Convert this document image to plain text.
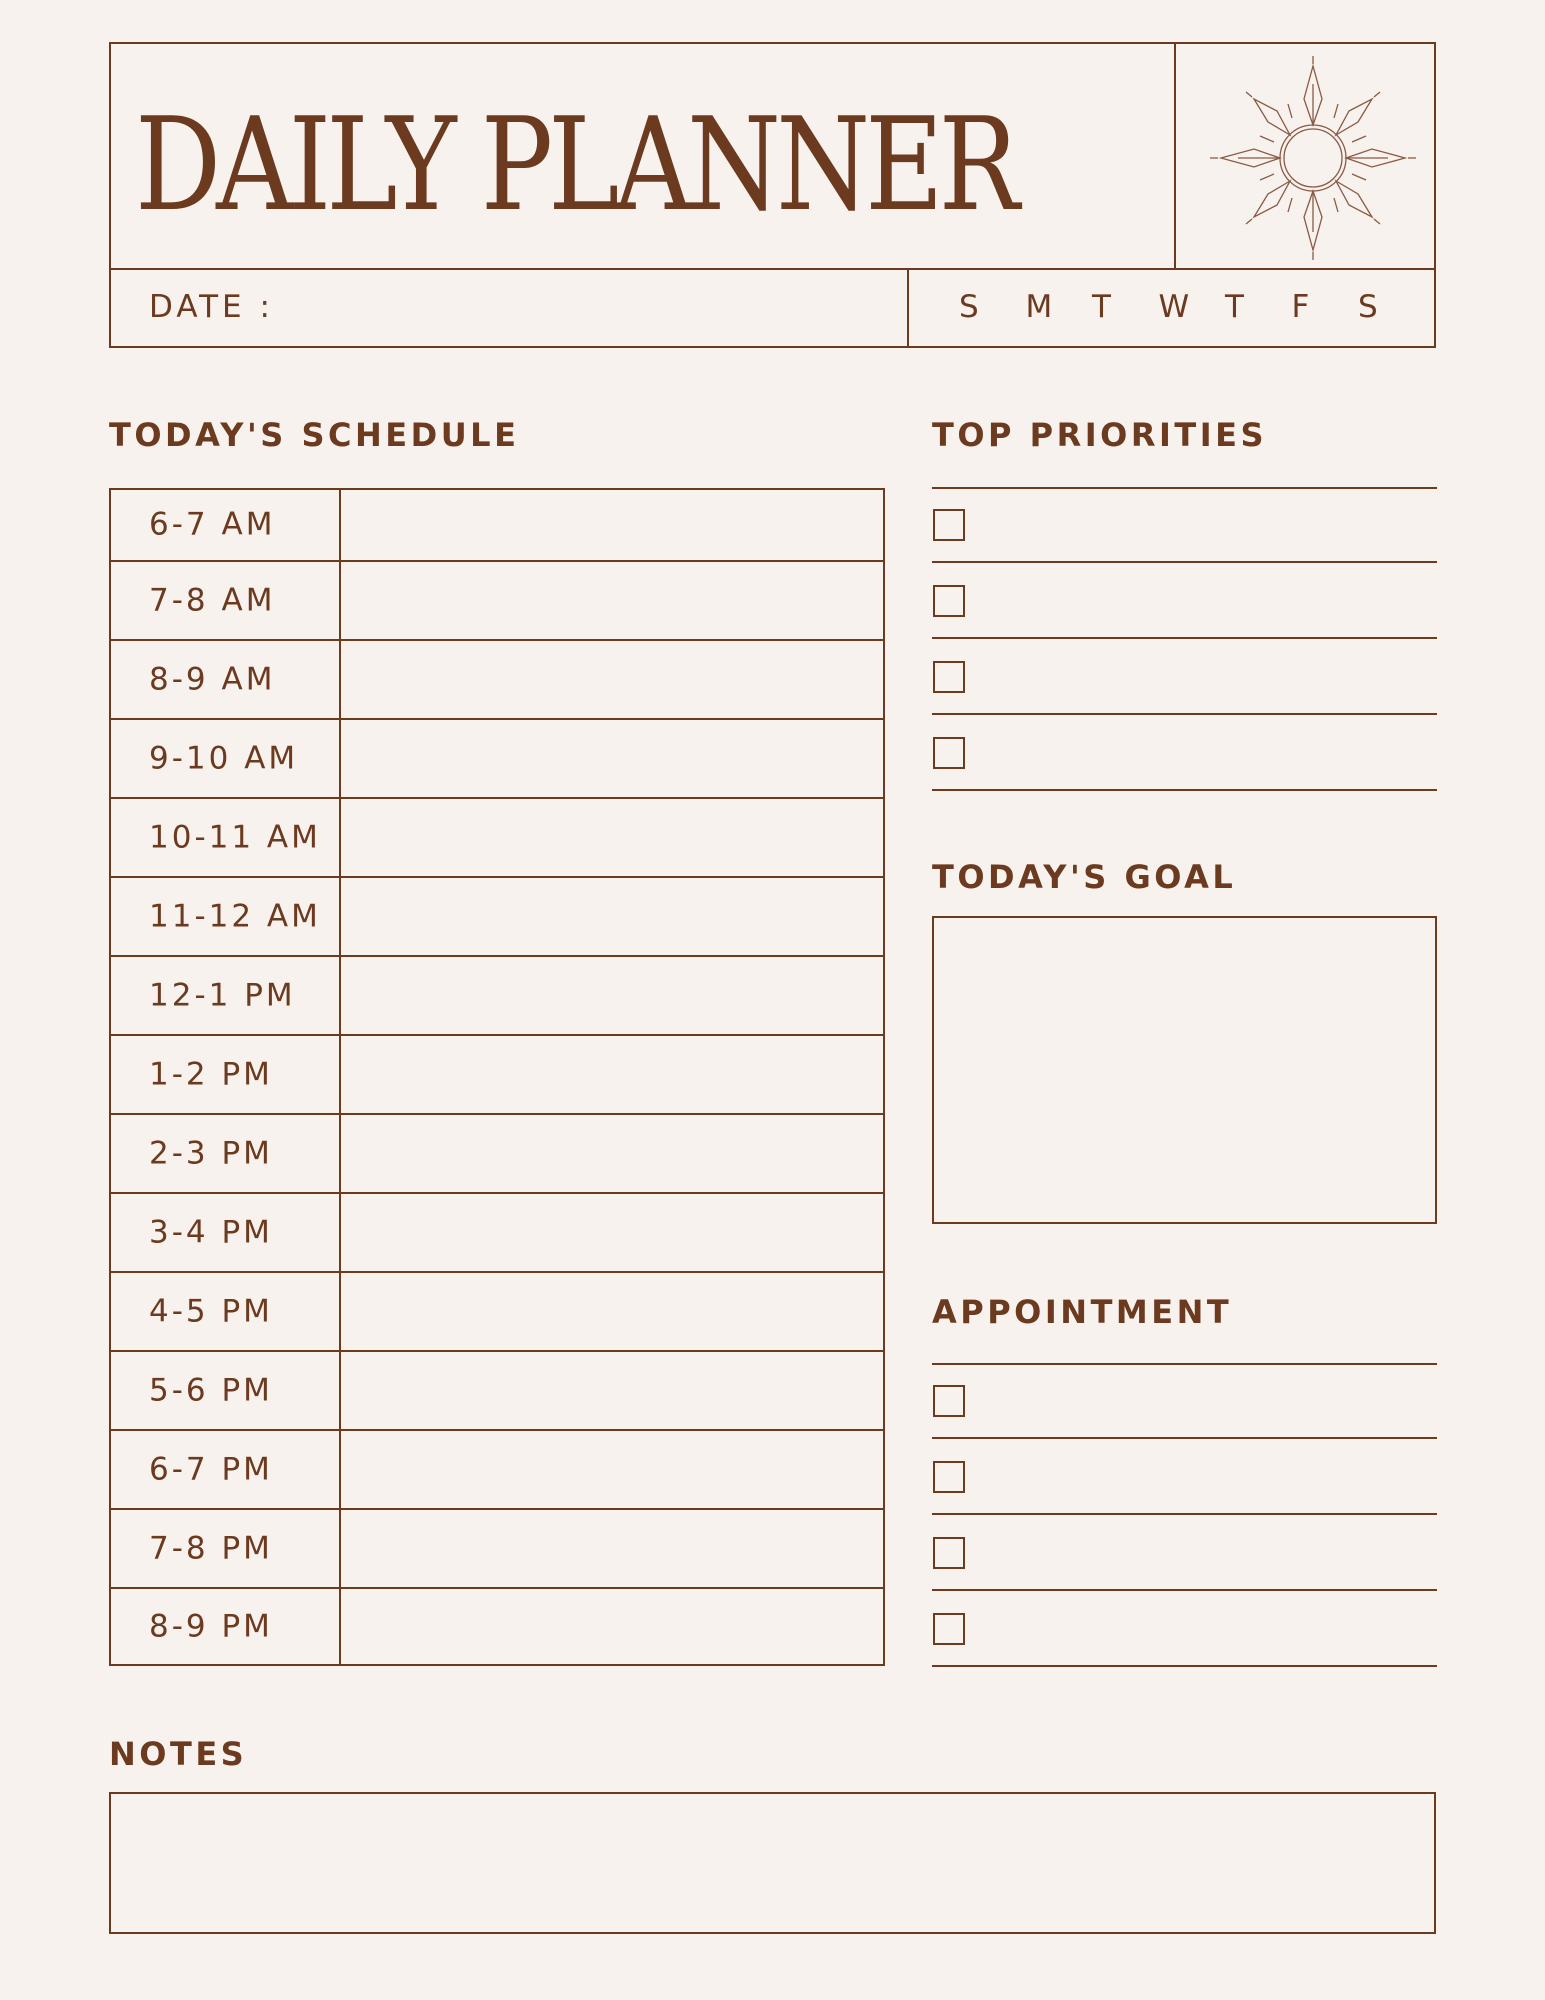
DAILY PLANNER
DATE :	S	M	T	W	T	F	S
TODAY'S SCHEDULE
6-7 AM
7-8 AM
8-9 AM
9-10 AM
10-11 AM
11-12 AM
12-1 PM
1-2 PM
2-3 PM
3-4 PM
4-5 PM
5-6 PM
6-7 PM
7-8 PM
8-9 PM
TOP PRIORITIES
TODAY'S GOAL
APPOINTMENT
NOTES
